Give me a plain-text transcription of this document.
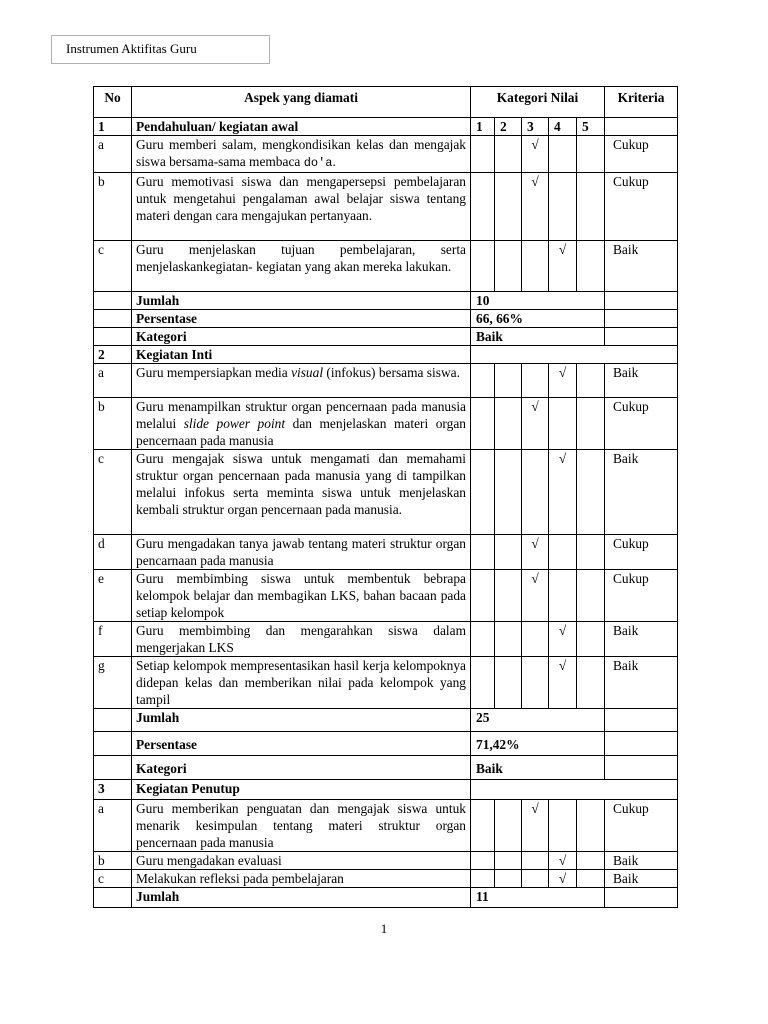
Instrumen Aktifitas Guru
No	Aspek yang diamati	Kategori Nilai					Kriteria
1	Pendahuluan/ kegiatan awal	1	2	3	4	5	
a	Guru memberi salam, mengkondisikan kelas dan mengajak siswa bersama-sama membaca do'a.			√			Cukup
b	Guru memotivasi siswa dan mengapersepsi pembelajaran untuk mengetahui pengalaman awal belajar siswa tentang materi dengan cara mengajukan pertanyaan.			√			Cukup
c	Guru menjelaskan tujuan pembelajaran, serta menjelaskankegiatan- kegiatan yang akan mereka lakukan.				√		Baik
	Jumlah	10					
	Persentase	66, 66%					
	Kategori	Baik					
2	Kegiatan Inti						
a	Guru mempersiapkan media visual (infokus) bersama siswa.				√		Baik
b	Guru menampilkan struktur organ pencernaan pada manusia melalui slide power point dan menjelaskan materi organ pencernaan pada manusia			√			Cukup
c	Guru mengajak siswa untuk mengamati dan memahami struktur organ pencernaan pada manusia yang di tampilkan melalui infokus serta meminta siswa untuk menjelaskan kembali struktur organ pencernaan pada manusia.				√		Baik
d	Guru mengadakan tanya jawab tentang materi struktur organ pencarnaan pada manusia			√			Cukup
e	Guru membimbing siswa untuk membentuk bebrapa kelompok belajar dan membagikan LKS, bahan bacaan pada setiap kelompok			√			Cukup
f	Guru membimbing dan mengarahkan siswa dalam mengerjakan LKS				√		Baik
g	Setiap kelompok mempresentasikan hasil kerja kelompoknya didepan kelas dan memberikan nilai pada kelompok yang tampil				√		Baik
	Jumlah	25					
	Persentase	71,42%					
	Kategori	Baik					
3	Kegiatan Penutup						
a	Guru memberikan penguatan dan mengajak siswa untuk menarik kesimpulan tentang materi struktur organ pencernaan pada manusia			√			Cukup
b	Guru mengadakan evaluasi				√		Baik
c	Melakukan refleksi pada pembelajaran				√		Baik
	Jumlah	11					
1
